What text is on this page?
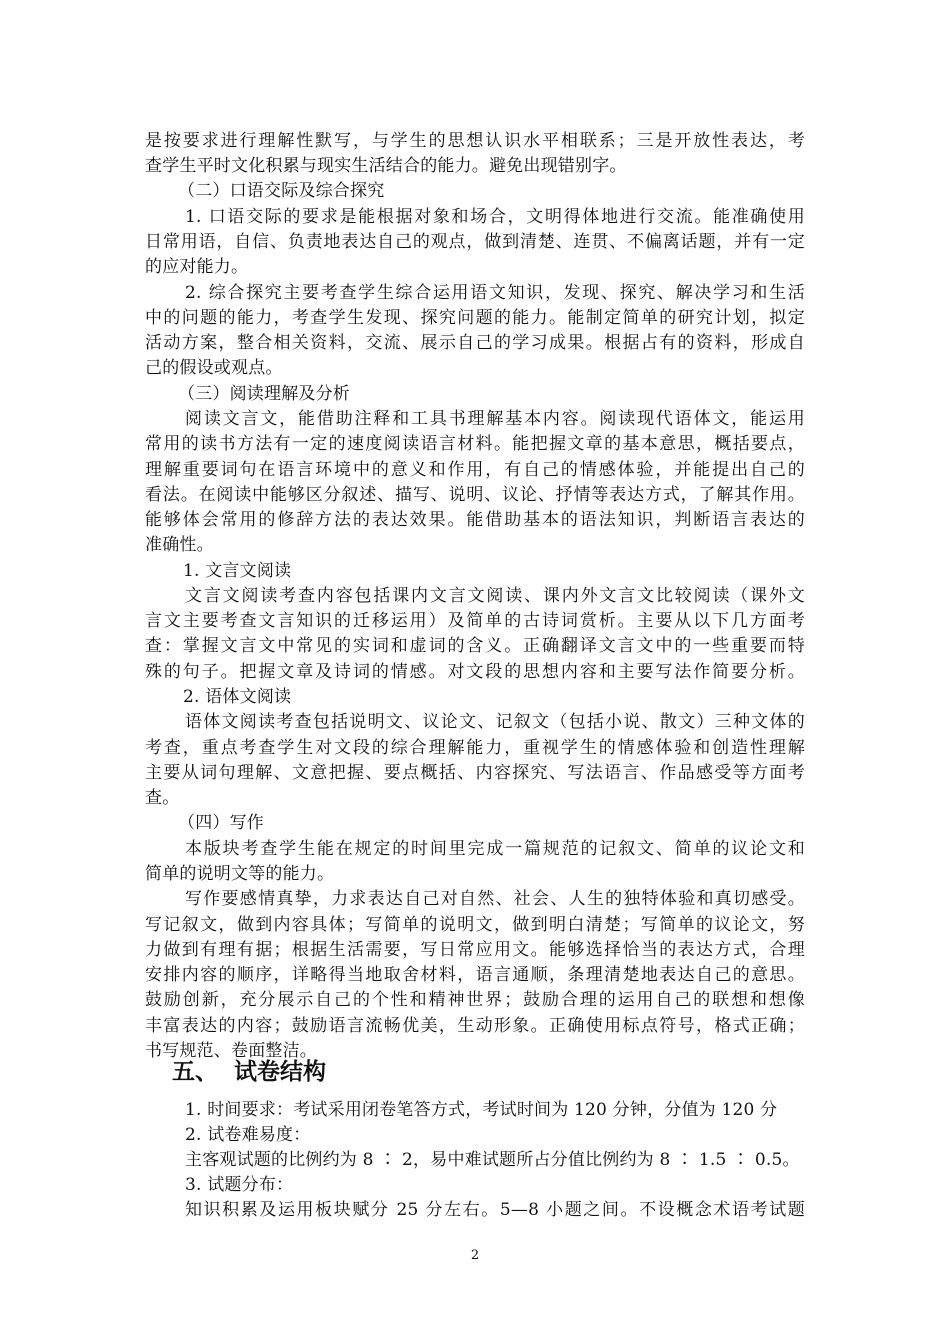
是按要求进行理解性默写，与学生的思想认识水平相联系；三是开放性表达，考
查学生平时文化积累与现实生活结合的能力。避免出现错别字。
（二）口语交际及综合探究
1. 口语交际的要求是能根据对象和场合，文明得体地进行交流。能准确使用
日常用语，自信、负责地表达自己的观点，做到清楚、连贯、不偏离话题，并有一定
的应对能力。
2. 综合探究主要考查学生综合运用语文知识，发现、探究、解决学习和生活
中的问题的能力，考查学生发现、探究问题的能力。能制定简单的研究计划，拟定
活动方案，整合相关资料，交流、展示自己的学习成果。根据占有的资料，形成自
己的假设或观点。
（三）阅读理解及分析
阅读文言文，能借助注释和工具书理解基本内容。阅读现代语体文，能运用
常用的读书方法有一定的速度阅读语言材料。能把握文章的基本意思，概括要点，
理解重要词句在语言环境中的意义和作用，有自己的情感体验，并能提出自己的
看法。在阅读中能够区分叙述、描写、说明、议论、抒情等表达方式，了解其作用。
能够体会常用的修辞方法的表达效果。能借助基本的语法知识，判断语言表达的
准确性。
1. 文言文阅读
文言文阅读考查内容包括课内文言文阅读、课内外文言文比较阅读（课外文
言文主要考查文言知识的迁移运用）及简单的古诗词赏析。主要从以下几方面考
查：掌握文言文中常见的实词和虚词的含义。正确翻译文言文中的一些重要而特
殊的句子。把握文章及诗词的情感。对文段的思想内容和主要写法作简要分析。
2. 语体文阅读
语体文阅读考查包括说明文、议论文、记叙文（包括小说、散文）三种文体的
考查，重点考查学生对文段的综合理解能力，重视学生的情感体验和创造性理解
主要从词句理解、文意把握、要点概括、内容探究、写法语言、作品感受等方面考
查。
（四）写作
本版块考查学生能在规定的时间里完成一篇规范的记叙文、简单的议论文和
简单的说明文等的能力。
写作要感情真挚，力求表达自己对自然、社会、人生的独特体验和真切感受。
写记叙文，做到内容具体；写简单的说明文，做到明白清楚；写简单的议论文，努
力做到有理有据；根据生活需要，写日常应用文。能够选择恰当的表达方式，合理
安排内容的顺序，详略得当地取舍材料，语言通顺，条理清楚地表达自己的意思。
鼓励创新，充分展示自己的个性和精神世界；鼓励合理的运用自己的联想和想像
丰富表达的内容；鼓励语言流畅优美，生动形象。正确使用标点符号，格式正确；
书写规范、卷面整洁。
五、  试卷结构
1. 时间要求：考试采用闭卷笔答方式，考试时间为 120 分钟，分值为 120 分
2. 试卷难易度：
主客观试题的比例约为 8 ∶ 2，易中难试题所占分值比例约为 8 ∶ 1.5 ∶ 0.5。
3. 试题分布：
知识积累及运用板块赋分 25 分左右。5—8 小题之间。不设概念术语考试题
2
